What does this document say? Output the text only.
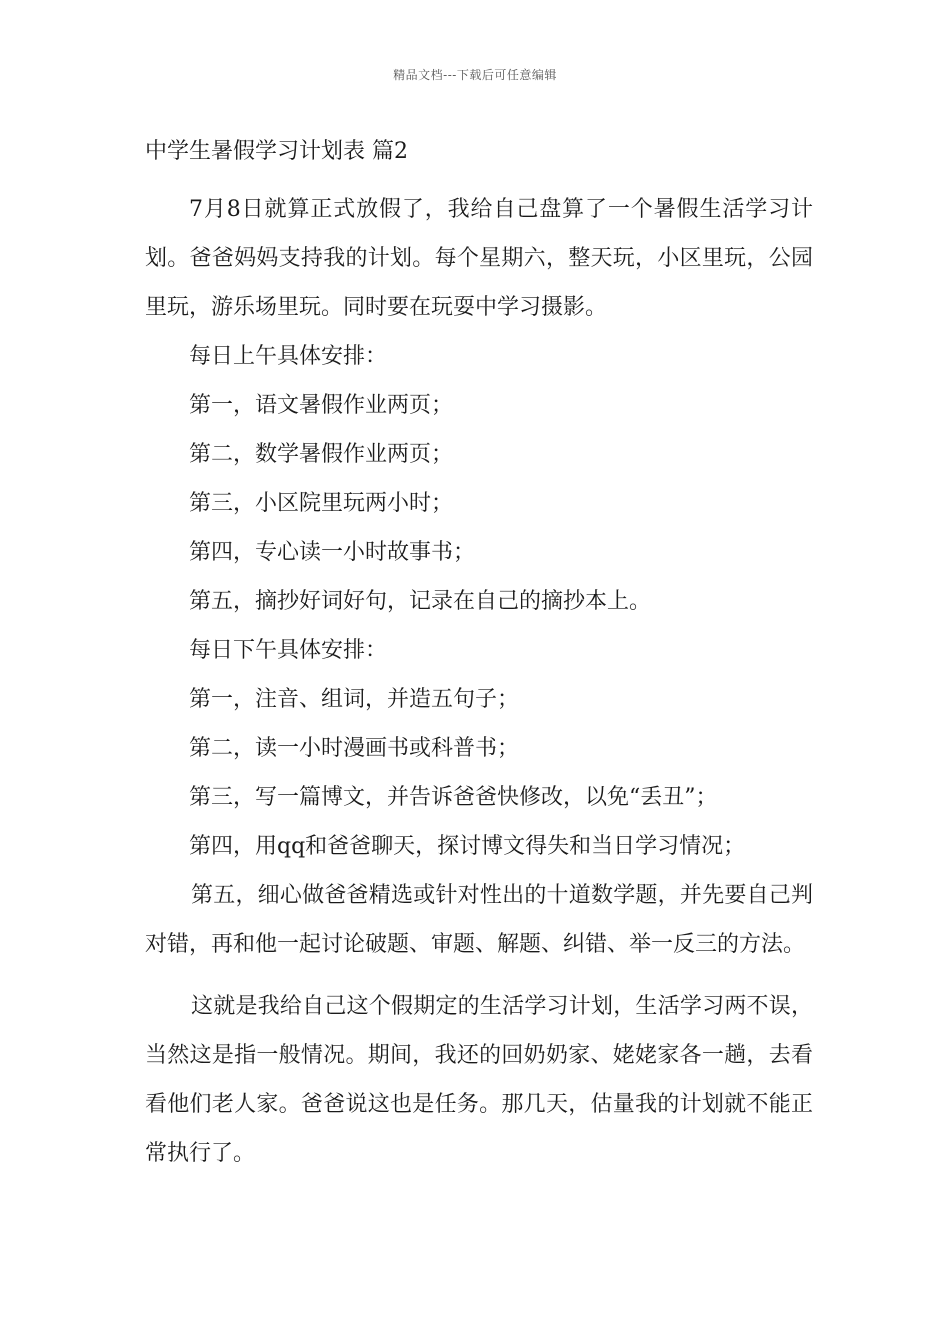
精品文档---下载后可任意编辑

中学生暑假学习计划表 篇2

7月8日就算正式放假了，我给自己盘算了一个暑假生活学习计划。爸爸妈妈支持我的计划。每个星期六，整天玩，小区里玩，公园里玩，游乐场里玩。同时要在玩耍中学习摄影。

每日上午具体安排：

第一，语文暑假作业两页；

第二，数学暑假作业两页；

第三，小区院里玩两小时；

第四，专心读一小时故事书；

第五，摘抄好词好句，记录在自己的摘抄本上。

每日下午具体安排：

第一，注音、组词，并造五句子；

第二，读一小时漫画书或科普书；

第三，写一篇博文，并告诉爸爸快修改，以免“丢丑”；

第四，用qq和爸爸聊天，探讨博文得失和当日学习情况；

第五，细心做爸爸精选或针对性出的十道数学题，并先要自己判对错，再和他一起讨论破题、审题、解题、纠错、举一反三的方法。

这就是我给自己这个假期定的生活学习计划，生活学习两不误，当然这是指一般情况。期间，我还的回奶奶家、姥姥家各一趟，去看看他们老人家。爸爸说这也是任务。那几天，估量我的计划就不能正常执行了。
